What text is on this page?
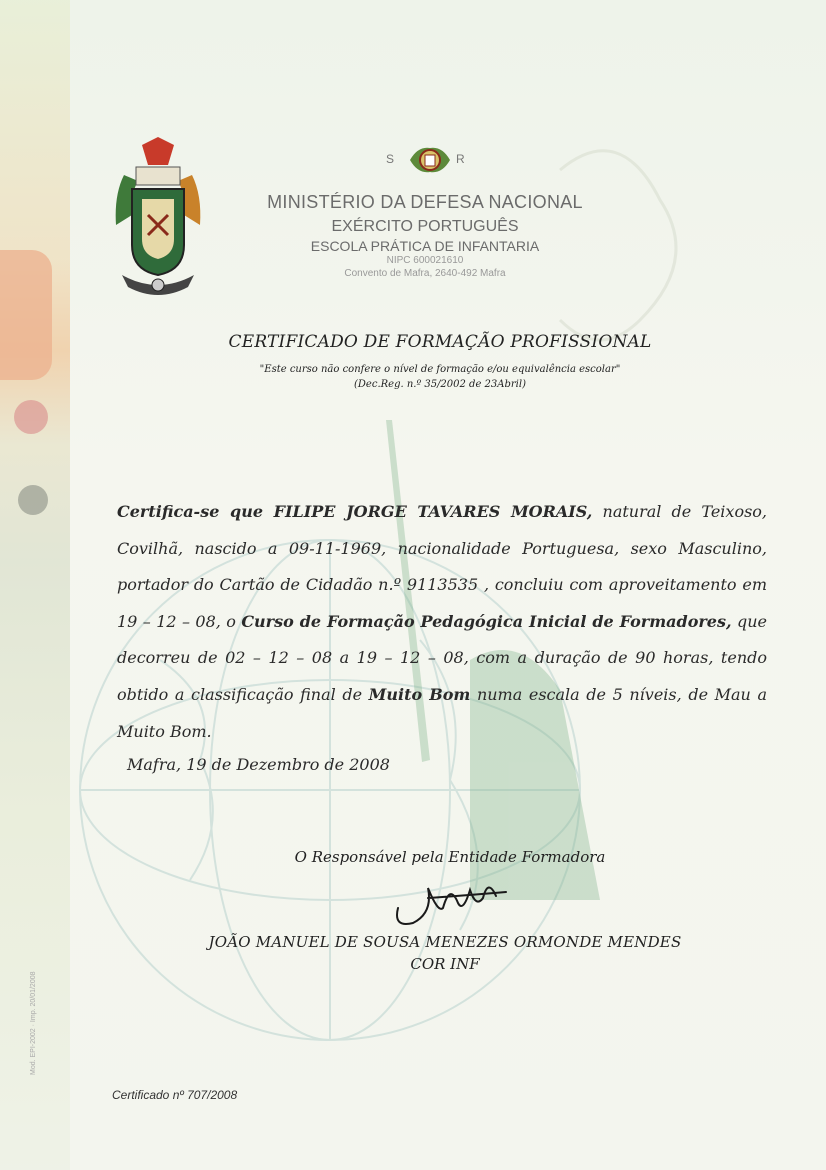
S	R
MINISTÉRIO DA DEFESA NACIONAL
EXÉRCITO PORTUGUÊS
ESCOLA PRÁTICA DE INFANTARIA
NIPC 600021610
Convento de Mafra, 2640-492 Mafra
CERTIFICADO DE FORMAÇÃO PROFISSIONAL
"Este curso não confere o nível de formação e/ou equivalência escolar"
(Dec.Reg. n.º 35/2002 de 23Abril)
Certifica-se que FILIPE JORGE TAVARES MORAIS, natural de Teixoso, Covilhã, nascido a 09-11-1969, nacionalidade Portuguesa, sexo Masculino, portador do Cartão de Cidadão n.º 9113535 , concluiu com aproveitamento em 19 – 12 – 08, o Curso de Formação Pedagógica Inicial de Formadores, que decorreu de 02 – 12 – 08 a 19 – 12 – 08, com a duração de 90 horas, tendo obtido a classificação final de Muito Bom numa escala de 5 níveis, de Mau a Muito Bom.
Mafra, 19 de Dezembro de 2008
O Responsável pela Entidade Formadora
JOÃO MANUEL DE SOUSA MENEZES ORMONDE MENDES
COR INF
Certificado nº 707/2008
Mod. EPI-2002 · Imp. 20/01/2008
